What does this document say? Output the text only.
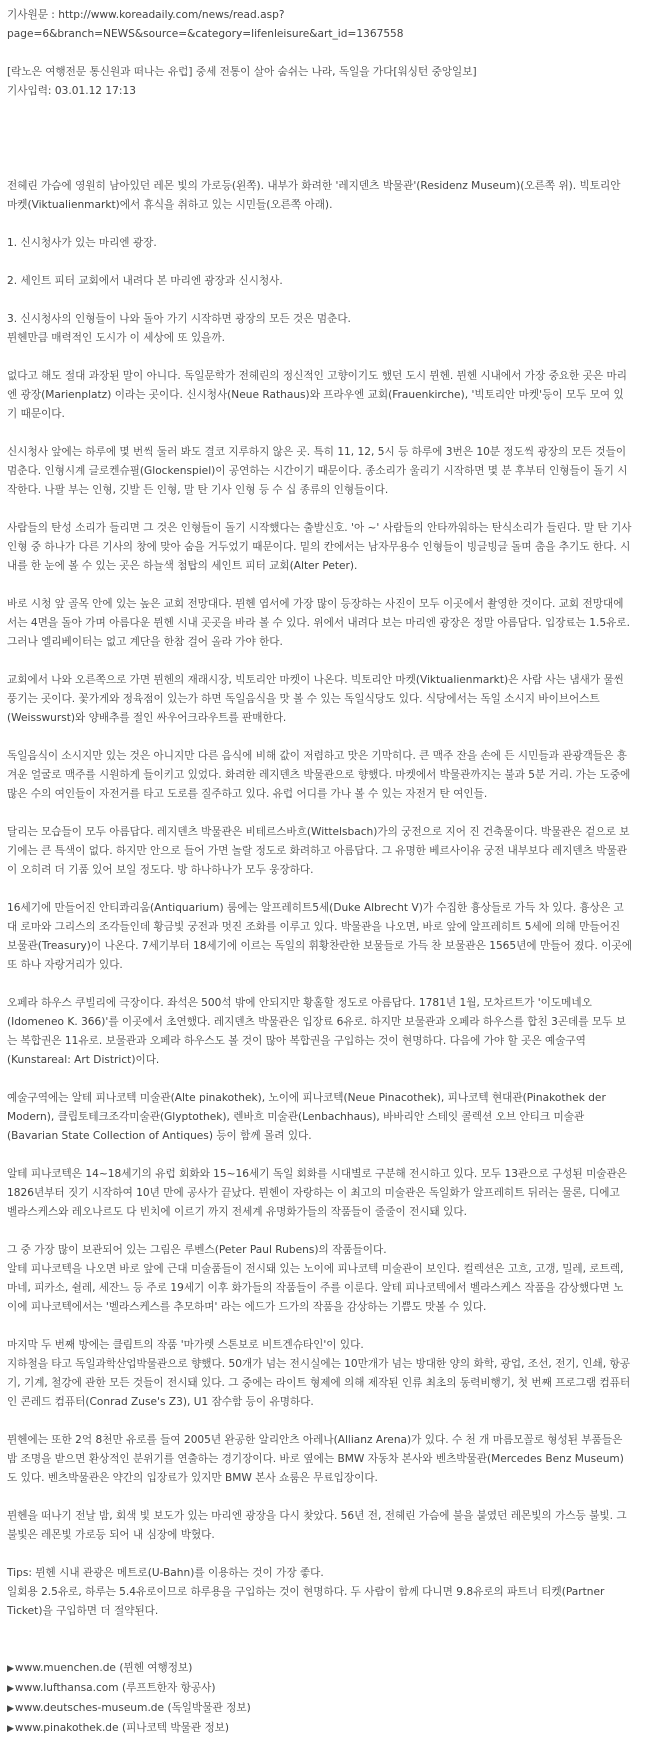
기사원문 : http://www.koreadaily.com/news/read.asp?
page=6&branch=NEWS&source=&category=lifenleisure&art_id=1367558
[락노은 여행전문 통신원과 떠나는 유럽] 중세 전통이 살아 숨쉬는 나라, 독일을 가다[워싱턴 중앙일보]
기사입력: 03.01.12 17:13

전헤린 가슴에 영원히 남아있던 레몬 빛의 가로등(왼쪽). 내부가 화려한 '레지덴츠 박물관'(Residenz Museum)(오른쪽 위). 빅토리안 마켓(Viktualienmarkt)에서 휴식을 취하고 있는 시민들(오른쪽 아래).

1. 신시청사가 있는 마리엔 광장.

2. 세인트 피터 교회에서 내려다 본 마리엔 광장과 신시청사.

3. 신시청사의 인형들이 나와 돌아 가기 시작하면 광장의 모든 것은 멈춘다.

뮌헨만큼 매력적인 도시가 이 세상에 또 있을까.

없다고 해도 절대 과장된 말이 아니다. 독일문학가 전헤린의 정신적인 고향이기도 했던 도시 뮌헨. 뮌헨 시내에서 가장 중요한 곳은 마리엔 광장(Marienplatz) 이라는 곳이다. 신시청사(Neue Rathaus)와 프라우엔 교회(Frauenkirche), '빅토리안 마켓'등이 모두 모여 있기 때문이다.

신시청사 앞에는 하루에 몇 번씩 둘러 봐도 결코 지루하지 않은 곳. 특히 11, 12, 5시 등 하루에 3번은 10분 정도씩 광장의 모든 것들이 멈춘다. 인형시계 글로켄슈필(Glockenspiel)이 공연하는 시간이기 때문이다. 종소리가 울리기 시작하면 몇 분 후부터 인형들이 돌기 시작한다. 나팔 부는 인형, 깃발 든 인형, 말 탄 기사 인형 등 수 십 종류의 인형들이다.

사람들의 탄성 소리가 들리면 그 것은 인형들이 돌기 시작했다는 출발신호. '아 ~' 사람들의 안타까워하는 탄식소리가 들린다. 말 탄 기사인형 중 하나가 다른 기사의 창에 맞아 숨을 거두었기 때문이다. 밑의 칸에서는 남자무용수 인형들이 빙글빙글 돌며 춤을 추기도 한다. 시내를 한 눈에 볼 수 있는 곳은 하늘색 첨탑의 세인트 피터 교회(Alter Peter).

바로 시청 앞 골목 안에 있는 높은 교회 전망대다. 뮌헨 엽서에 가장 많이 등장하는 사진이 모두 이곳에서 촬영한 것이다. 교회 전망대에서는 4면을 돌아 가며 아름다운 뮌헨 시내 곳곳을 바라 볼 수 있다. 위에서 내려다 보는 마리엔 광장은 정말 아름답다. 입장료는 1.5유로. 그러나 엘리베이터는 없고 계단을 한참 걸어 올라 가야 한다.

교회에서 나와 오른쪽으로 가면 뮌헨의 재래시장, 빅토리안 마켓이 나온다. 빅토리안 마켓(Viktualienmarkt)은 사람 사는 냄새가 물씬 풍기는 곳이다. 꽃가게와 정육점이 있는가 하면 독일음식을 맛 볼 수 있는 독일식당도 있다. 식당에서는 독일 소시지 바이브어스트(Weisswurst)와 양배추를 절인 싸우어크라우트를 판매한다.

독일음식이 소시지만 있는 것은 아니지만 다른 음식에 비해 값이 저렴하고 맛은 기막히다. 큰 맥주 잔을 손에 든 시민들과 관광객들은 흥겨운 얼굴로 맥주를 시원하게 들이키고 있었다. 화려한 레지덴츠 박물관으로 향했다. 마켓에서 박물관까지는 불과 5분 거리. 가는 도중에 많은 수의 여인들이 자전거를 타고 도로를 질주하고 있다. 유럽 어디를 가나 볼 수 있는 자전거 탄 여인들.

달리는 모습들이 모두 아름답다. 레지덴츠 박물관은 비테르스바흐(Wittelsbach)가의 궁전으로 지어 진 건축물이다. 박물관은 겉으로 보기에는 큰 특색이 없다. 하지만 안으로 들어 가면 놀랄 정도로 화려하고 아름답다. 그 유명한 베르사이유 궁전 내부보다 레지덴츠 박물관이 오히려 더 기품 있어 보일 정도다. 방 하나하나가 모두 웅장하다.

16세기에 만들어진 안티콰리움(Antiquarium) 룸에는 알프레히트5세(Duke Albrecht V)가 수집한 흉상들로 가득 차 있다. 흉상은 고대 로마와 그리스의 조각들인데 황금빛 궁전과 멋진 조화를 이루고 있다. 박물관을 나오면, 바로 앞에 알프레히트 5세에 의해 만들어진 보물관(Treasury)이 나온다. 7세기부터 18세기에 이르는 독일의 휘황찬란한 보물들로 가득 찬 보물관은 1565년에 만들어 졌다. 이곳에 또 하나 자랑거리가 있다.

오페라 하우스 쿠빌리에 극장이다. 좌석은 500석 밖에 안되지만 황홀할 정도로 아름답다. 1781년 1월, 모차르트가 '이도메네오(Idomeneo K. 366)'를 이곳에서 초연했다. 레지덴츠 박물관은 입장료 6유로. 하지만 보물관과 오페라 하우스를 합친 3곤데를 모두 보는 복합권은 11유로. 보물관과 오페라 하우스도 볼 것이 많아 복합권을 구입하는 것이 현명하다. 다음에 가야 할 곳은 예술구역(Kunstareal: Art District)이다.

예술구역에는 알테 피나코텍 미술관(Alte pinakothek), 노이에 피나코텍(Neue Pinacothek), 피나코텍 현대관(Pinakothek der Modern), 클립토테크조각미술관(Glyptothek), 렌바흐 미술관(Lenbachhaus), 바바리안 스테잇 콜렉션 오브 안티크 미술관(Bavarian State Collection of Antiques) 등이 함께 몰려 있다.

알테 피나코텍은 14~18세기의 유럽 회화와 15~16세기 독일 회화를 시대별로 구분해 전시하고 있다. 모두 13관으로 구성된 미술관은 1826년부터 짓기 시작하여 10년 만에 공사가 끝났다. 뮌헨이 자랑하는 이 최고의 미술관은 독일화가 알프레히트 뒤러는 물론, 디에고 벨라스케스와 레오나르도 다 빈치에 이르기 까지 전세계 유명화가들의 작품들이 줄줄이 전시돼 있다.

그 중 가장 많이 보관되어 있는 그림은 루벤스(Peter Paul Rubens)의 작품들이다.

알테 피나코텍을 나오면 바로 앞에 근대 미술품들이 전시돼 있는 노이에 피나코텍 미술관이 보인다. 컬렉션은 고흐, 고갱, 밀레, 로트렉, 마네, 피카소, 쉴레, 세잔느 등 주로 19세기 이후 화가들의 작품들이 주를 이룬다. 알테 피나코텍에서 벨라스케스 작품을 감상했다면 노이에 피나코텍에서는 '벨라스케스를 추모하며' 라는 에드가 드가의 작품을 감상하는 기쁨도 맛볼 수 있다.

마지막 두 번째 방에는 클림트의 작품 '마가렛 스톤보로 비트겐슈타인'이 있다.

지하철을 타고 독일과학산업박물관으로 향했다. 50개가 넘는 전시실에는 10만개가 넘는 방대한 양의 화학, 광업, 조선, 전기, 인쇄, 항공기, 기계, 철강에 관한 모든 것들이 전시돼 있다. 그 중에는 라이트 형제에 의해 제작된 인류 최초의 동력비행기, 첫 번째 프로그램 컴퓨터인 콘레드 컴퓨터(Conrad Zuse's Z3), U1 잠수함 등이 유명하다.

뮌헨에는 또한 2억 8천만 유로를 들여 2005년 완공한 알리안츠 아레나(Allianz Arena)가 있다. 수 천 개 마름모꼴로 형성된 부품들은 밤 조명을 받으면 환상적인 분위기를 연출하는 경기장이다. 바로 옆에는 BMW 자동차 본사와 벤츠박물관(Mercedes Benz Museum)도 있다. 벤츠박물관은 약간의 입장료가 있지만 BMW 본사 쇼룸은 무료입장이다.

뮌헨을 떠나기 전날 밤, 회색 빛 보도가 있는 마리엔 광장을 다시 찾았다. 56년 전, 전헤린 가슴에 불을 붙였던 레몬빛의 가스등 불빛. 그 불빛은 레몬빛 가로등 되어 내 심장에 박혔다.

Tips: 뮌헨 시내 관광은 메트로(U-Bahn)를 이용하는 것이 가장 좋다.

일회용 2.5유로, 하루는 5.4유로이므로 하루용을 구입하는 것이 현명하다. 두 사람이 함께 다니면 9.8유로의 파트너 티켓(Partner Ticket)을 구입하면 더 절약된다.

▶www.muenchen.de (뮌헨 여행정보)
▶www.lufthansa.com (루프트한자 항공사)
▶www.deutsches-museum.de (독일박물관 정보)
▶www.pinakothek.de (피나코텍 박물관 정보)
